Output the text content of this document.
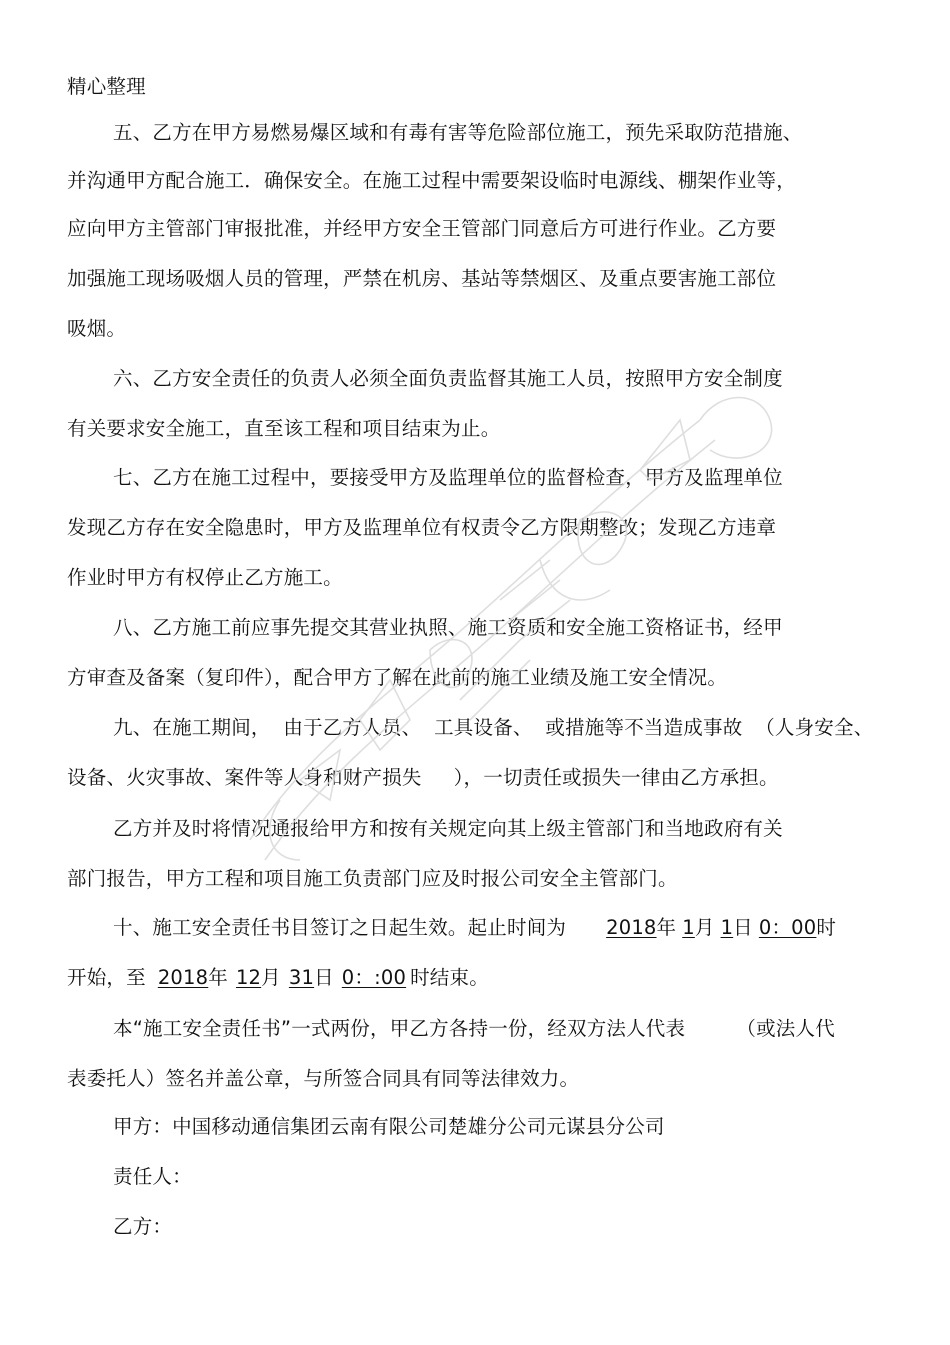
精心整理
五、乙方在甲方易燃易爆区域和有毒有害等危险部位施工，预先采取防范措施、
并沟通甲方配合施工．确保安全。在施工过程中需要架设临时电源线、棚架作业等，
应向甲方主管部门审报批准，并经甲方安全王管部门同意后方可进行作业。乙方要
加强施工现场吸烟人员的管理，严禁在机房、基站等禁烟区、及重点要害施工部位
吸烟。
六、乙方安全责任的负责人必须全面负责监督其施工人员，按照甲方安全制度
有关要求安全施工，直至该工程和项目结束为止。
七、乙方在施工过程中，要接受甲方及监理单位的监督检查，甲方及监理单位
发现乙方存在安全隐患时，甲方及监理单位有权责令乙方限期整改；发现乙方违章
作业时甲方有权停止乙方施工。
八、乙方施工前应事先提交其营业执照、施工资质和安全施工资格证书，经甲
方审查及备案（复印件），配合甲方了解在此前的施工业绩及施工安全情况。
九、在施工期间，  由于乙方人员、  工具设备、  或措施等不当造成事故  （人身安全、
设备、火灾事故、案件等人身和财产损失     ），一切责任或损失一律由乙方承担。
乙方并及时将情况通报给甲方和按有关规定向其上级主管部门和当地政府有关
部门报告，甲方工程和项目施工负责部门应及时报公司安全主管部门。
十、施工安全责任书目签订之日起生效。起止时间为 2018年 1月 1日 0：00时
开始，至 2018年 12月 31日 0：:00 时结束。
本“施工安全责任书”一式两份，甲乙方各持一份，经双方法人代表        （或法人代
表委托人）签名并盖公章，与所签合同具有同等法律效力。
甲方：中国移动通信集团云南有限公司楚雄分公司元谋县分公司
责任人：
乙方：
